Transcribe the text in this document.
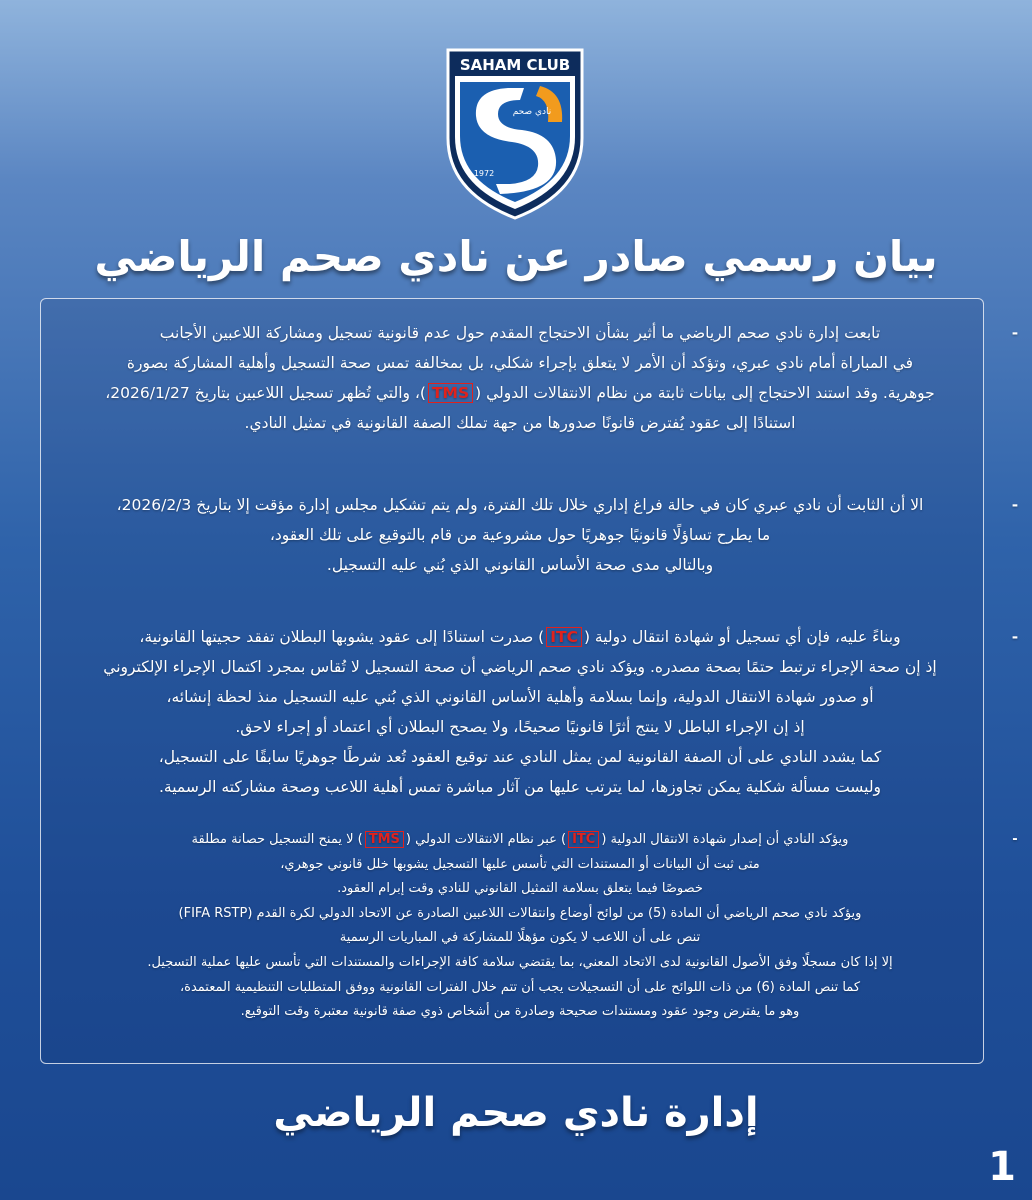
SAHAM CLUB
نادي صحم
1972
بيان رسمي صادر عن نادي صحم الرياضي
-

تابعت إدارة نادي صحم الرياضي ما أثير بشأن الاحتجاج المقدم حول عدم قانونية تسجيل ومشاركة اللاعبين الأجانب

في المباراة أمام نادي عبري، وتؤكد أن الأمر لا يتعلق بإجراء شكلي، بل بمخالفة تمس صحة التسجيل وأهلية المشاركة بصورة

جوهرية. وقد استند الاحتجاج إلى بيانات ثابتة من نظام الانتقالات الدولي (TMS)، والتي تُظهر تسجيل اللاعبين بتاريخ 2026/1/27،

استنادًا إلى عقود يُفترض قانونًا صدورها من جهة تملك الصفة القانونية في تمثيل النادي.

-

الا أن الثابت أن نادي عبري كان في حالة فراغ إداري خلال تلك الفترة، ولم يتم تشكيل مجلس إدارة مؤقت إلا بتاريخ 2026/2/3،

ما يطرح تساؤلًا قانونيًا جوهريًا حول مشروعية من قام بالتوقيع على تلك العقود،

وبالتالي مدى صحة الأساس القانوني الذي بُني عليه التسجيل.

-

وبناءً عليه، فإن أي تسجيل أو شهادة انتقال دولية (ITC) صدرت استنادًا إلى عقود يشوبها البطلان تفقد حجيتها القانونية،

إذ إن صحة الإجراء ترتبط حتمًا بصحة مصدره. ويؤكد نادي صحم الرياضي أن صحة التسجيل لا تُقاس بمجرد اكتمال الإجراء الإلكتروني

أو صدور شهادة الانتقال الدولية، وإنما بسلامة وأهلية الأساس القانوني الذي بُني عليه التسجيل منذ لحظة إنشائه،

إذ إن الإجراء الباطل لا ينتج أثرًا قانونيًا صحيحًا، ولا يصحح البطلان أي اعتماد أو إجراء لاحق.

كما يشدد النادي على أن الصفة القانونية لمن يمثل النادي عند توقيع العقود تُعد شرطًا جوهريًا سابقًا على التسجيل،

وليست مسألة شكلية يمكن تجاوزها، لما يترتب عليها من آثار مباشرة تمس أهلية اللاعب وصحة مشاركته الرسمية.

-

ويؤكد النادي أن إصدار شهادة الانتقال الدولية (ITC) عبر نظام الانتقالات الدولي (TMS) لا يمنح التسجيل حصانة مطلقة

متى ثبت أن البيانات أو المستندات التي تأسس عليها التسجيل يشوبها خلل قانوني جوهري،

خصوصًا فيما يتعلق بسلامة التمثيل القانوني للنادي وقت إبرام العقود.

ويؤكد نادي صحم الرياضي أن المادة (5) من لوائح أوضاع وانتقالات اللاعبين الصادرة عن الاتحاد الدولي لكرة القدم (FIFA RSTP)

تنص على أن اللاعب لا يكون مؤهلًا للمشاركة في المباريات الرسمية

إلا إذا كان مسجلًا وفق الأصول القانونية لدى الاتحاد المعني، بما يقتضي سلامة كافة الإجراءات والمستندات التي تأسس عليها عملية التسجيل.

كما تنص المادة (6) من ذات اللوائح على أن التسجيلات يجب أن تتم خلال الفترات القانونية ووفق المتطلبات التنظيمية المعتمدة،

وهو ما يفترض وجود عقود ومستندات صحيحة وصادرة من أشخاص ذوي صفة قانونية معتبرة وقت التوقيع.

إدارة نادي صحم الرياضي
1
